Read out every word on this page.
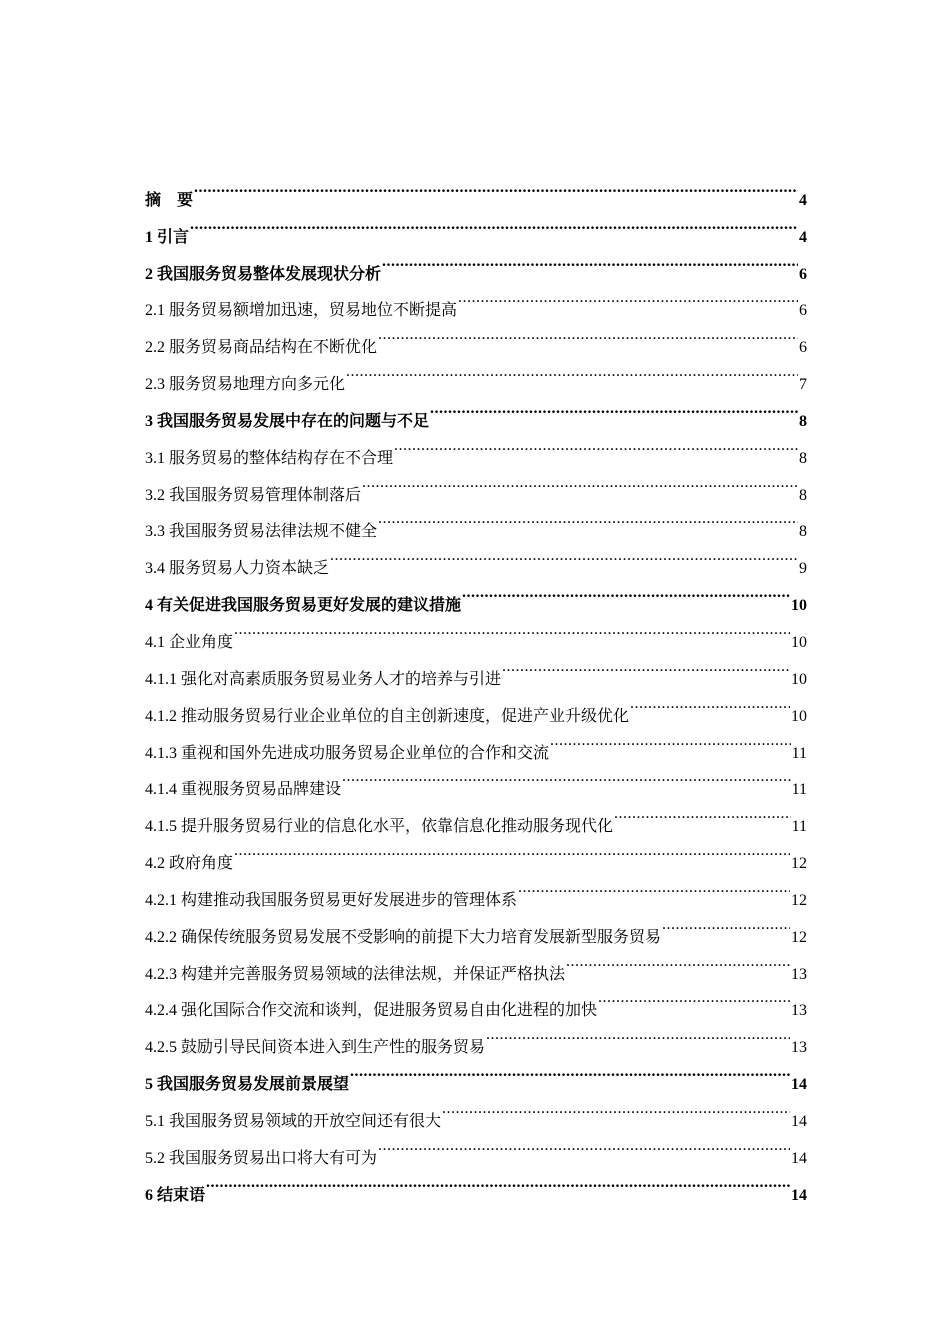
摘　要 .....	4
1 引言 .....	4
2 我国服务贸易整体发展现状分析 .....	6
2.1 服务贸易额增加迅速，贸易地位不断提高 .....	6
2.2 服务贸易商品结构在不断优化 .....	6
2.3 服务贸易地理方向多元化 .....	7
3 我国服务贸易发展中存在的问题与不足 .....	8
3.1 服务贸易的整体结构存在不合理 .....	8
3.2 我国服务贸易管理体制落后 .....	8
3.3 我国服务贸易法律法规不健全 .....	8
3.4 服务贸易人力资本缺乏 .....	9
4 有关促进我国服务贸易更好发展的建议措施 .....	10
4.1 企业角度 .....	10
4.1.1 强化对高素质服务贸易业务人才的培养与引进 .....	10
4.1.2 推动服务贸易行业企业单位的自主创新速度，促进产业升级优化 .....	10
4.1.3 重视和国外先进成功服务贸易企业单位的合作和交流 .....	11
4.1.4 重视服务贸易品牌建设 .....	11
4.1.5 提升服务贸易行业的信息化水平，依靠信息化推动服务现代化 .....	11
4.2 政府角度 .....	12
4.2.1 构建推动我国服务贸易更好发展进步的管理体系 .....	12
4.2.2 确保传统服务贸易发展不受影响的前提下大力培育发展新型服务贸易 .....	12
4.2.3 构建并完善服务贸易领域的法律法规，并保证严格执法 .....	13
4.2.4 强化国际合作交流和谈判，促进服务贸易自由化进程的加快 .....	13
4.2.5 鼓励引导民间资本进入到生产性的服务贸易 .....	13
5 我国服务贸易发展前景展望 .....	14
5.1 我国服务贸易领域的开放空间还有很大 .....	14
5.2 我国服务贸易出口将大有可为 .....	14
6 结束语 .....	14
